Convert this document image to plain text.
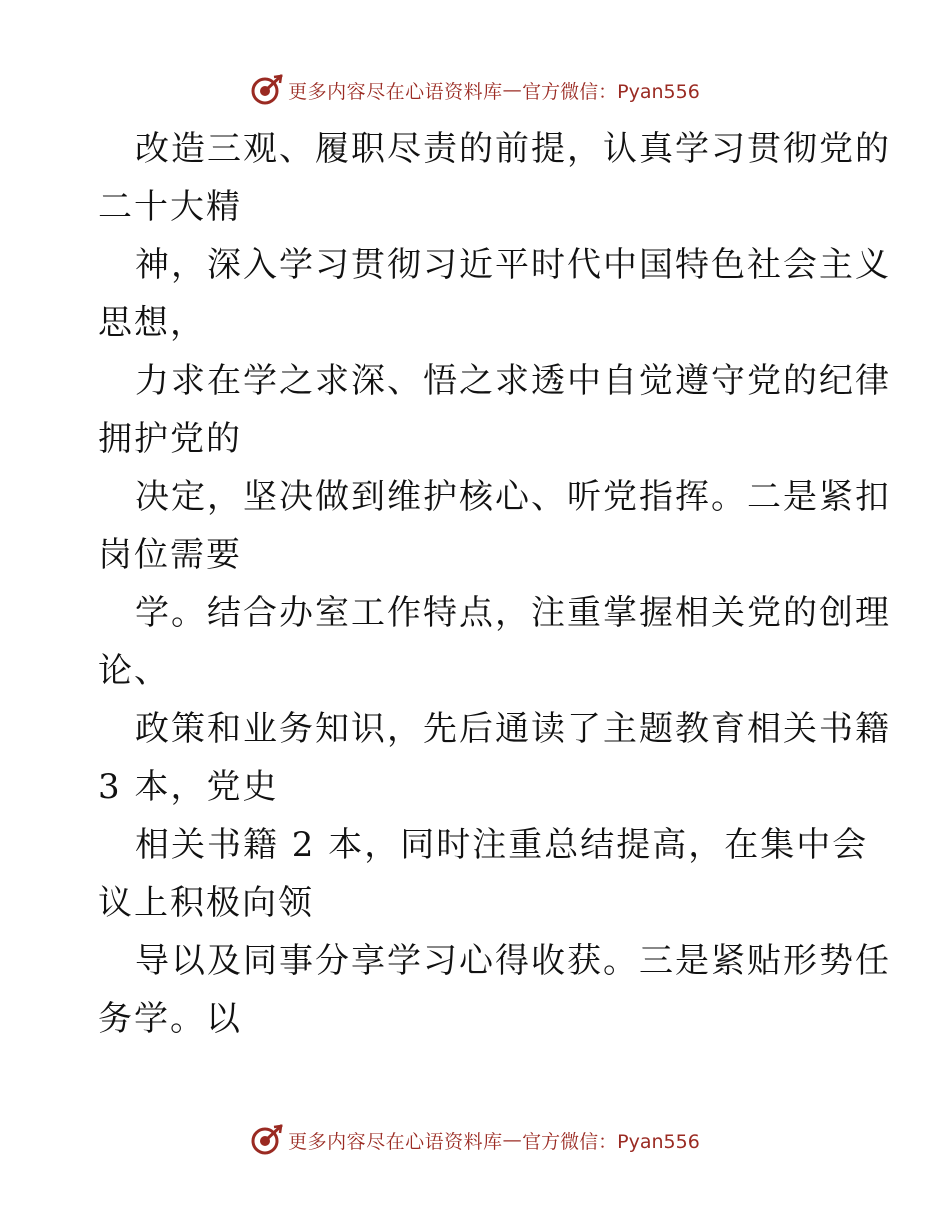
更多内容尽在心语资料库 — 官方微信：Pyan556

改造三观、履职尽责的前提，认真学习贯彻党的
二十大精

神，深入学习贯彻习近平时代中国特色社会主义
思想，

力求在学之求深、悟之求透中自觉遵守党的纪律
拥护党的

决定，坚决做到维护核心、听党指挥。二是紧扣
岗位需要

学。结合办室工作特点，注重掌握相关党的创理
论、

政策和业务知识，先后通读了主题教育相关书籍
3 本，党史

相关书籍 2 本，同时注重总结提高，在集中会
议上积极向领

导以及同事分享学习心得收获。三是紧贴形势任
务学。以

更多内容尽在心语资料库 — 官方微信：Pyan556
